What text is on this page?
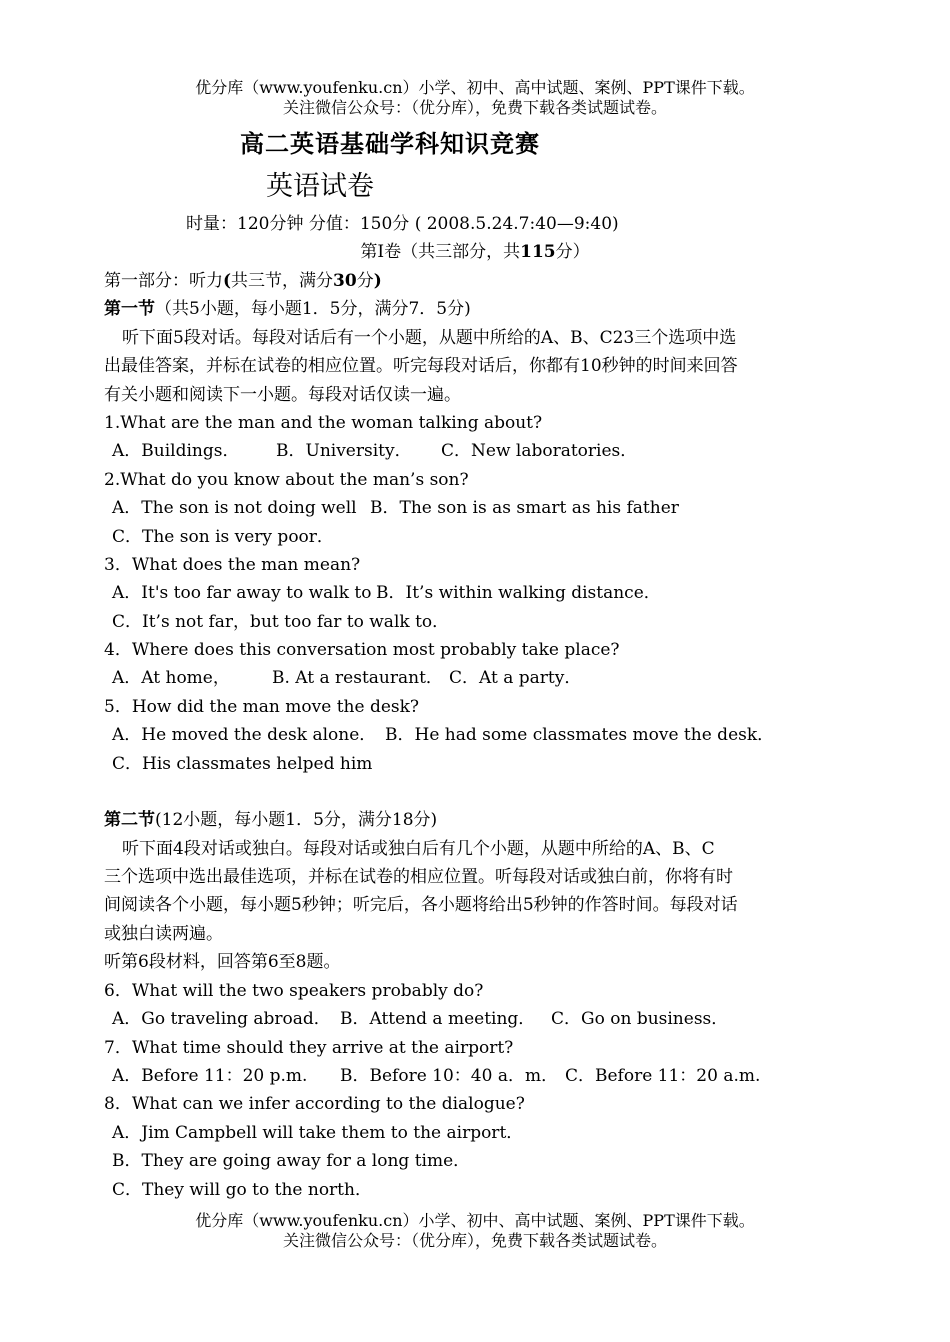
优分库（www.youfenku.cn）小学、初中、高中试题、案例、PPT课件下载。
关注微信公众号：（优分库），免费下载各类试题试卷。
高二英语基础学科知识竞赛
英语试卷
时量：120分钟 分值：150分 ( 2008.5.24.7:40—9:40)
第Ⅰ卷（共三部分，共115分）
第一部分：听力(共三节，满分30分)
第一节（共5小题，每小题1．5分，满分7．5分)
听下面5段对话。每段对话后有一个小题，从题中所给的A、B、C23三个选项中选
出最佳答案，并标在试卷的相应位置。听完每段对话后，你都有10秒钟的时间来回答
有关小题和阅读下一小题。每段对话仅读一遍。
1.What are the man and the woman talking about?
A．Buildings． B．University． C．New laboratories．
2.What do you know about the man’s son?
A．The son is not doing well B．The son is as smart as his father
C．The son is very poor．
3．What does the man mean?
A．It's too far away to walk to B．It’s within walking distance．
C．It’s not far，but too far to walk to．
4．Where does this conversation most probably take place?
A．At home， B. At a restaurant． C．At a party．
5．How did the man move the desk?
A．He moved the desk alone． B．He had some classmates move the desk．
C．His classmates helped him
第二节(12小题，每小题1．5分，满分18分)
听下面4段对话或独白。每段对话或独白后有几个小题，从题中所给的A、B、C
三个选项中选出最佳选项，并标在试卷的相应位置。听每段对话或独白前，你将有时
间阅读各个小题，每小题5秒钟；听完后，各小题将给出5秒钟的作答时间。每段对话
或独白读两遍。
听第6段材料，回答第6至8题。
6．What will the two speakers probably do?
A．Go traveling abroad． B．Attend a meeting． C．Go on business．
7．What time should they arrive at the airport?
A．Before 11：20 p.m. B．Before 10：40 a．m． C．Before 11：20 a.m.
8．What can we infer according to the dialogue?
A．Jim Campbell will take them to the airport．
B．They are going away for a long time．
C．They will go to the north．
优分库（www.youfenku.cn）小学、初中、高中试题、案例、PPT课件下载。
关注微信公众号：（优分库），免费下载各类试题试卷。
